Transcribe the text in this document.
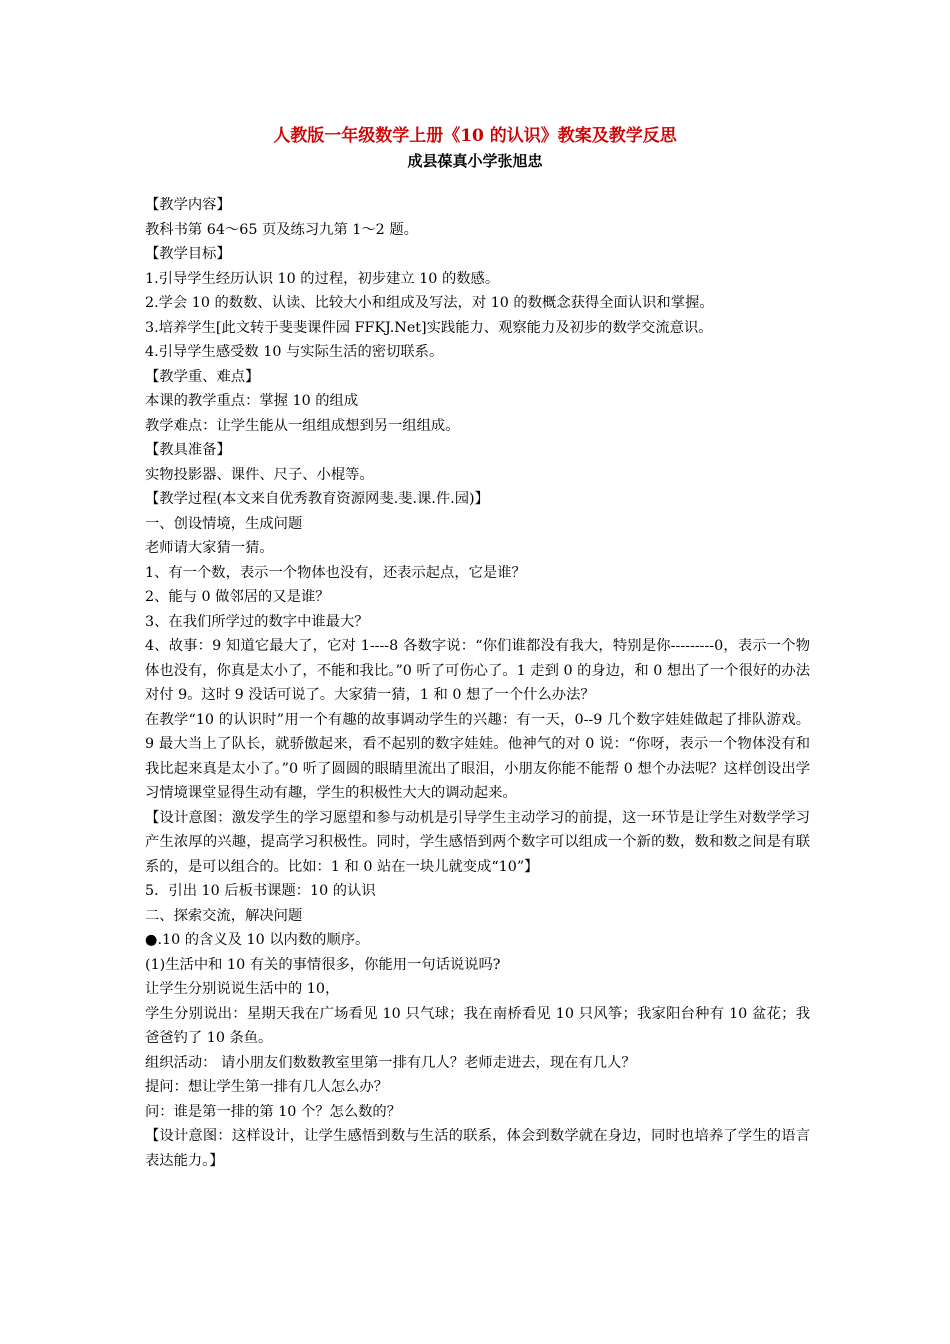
人教版一年级数学上册《10 的认识》教案及教学反思
成县葆真小学张旭忠

【教学内容】

教科书第 64～65 页及练习九第 1～2 题。

【教学目标】

1.引导学生经历认识 10 的过程，初步建立 10 的数感。

2.学会 10 的数数、认读、比较大小和组成及写法，对 10 的数概念获得全面认识和掌握。

3.培养学生[此文转于斐斐课件园 FFKJ.Net]实践能力、观察能力及初步的数学交流意识。

4.引导学生感受数 10 与实际生活的密切联系。

【教学重、难点】

本课的教学重点：掌握 10 的组成

教学难点：让学生能从一组组成想到另一组组成。

【教具准备】

实物投影器、课件、尺子、小棍等。

【教学过程(本文来自优秀教育资源网斐.斐.课.件.园)】

一、创设情境，生成问题

老师请大家猜一猜。

1、有一个数，表示一个物体也没有，还表示起点，它是谁？

2、能与 0 做邻居的又是谁？

3、在我们所学过的数字中谁最大？

4、故事：9 知道它最大了，它对 1----8 各数字说：“你们谁都没有我大，特别是你---------0，表示一个物体也没有，你真是太小了，不能和我比。”0 听了可伤心了。1 走到 0 的身边，和 0 想出了一个很好的办法对付 9。这时 9 没话可说了。大家猜一猜，1 和 0 想了一个什么办法？

在教学“10 的认识时”用一个有趣的故事调动学生的兴趣：有一天，0--9 几个数字娃娃做起了排队游戏。9 最大当上了队长，就骄傲起来，看不起别的数字娃娃。他神气的对 0 说：“你呀，表示一个物体没有和我比起来真是太小了。”0 听了圆圆的眼睛里流出了眼泪，小朋友你能不能帮 0 想个办法呢？这样创设出学习情境课堂显得生动有趣，学生的积极性大大的调动起来。

【设计意图：激发学生的学习愿望和参与动机是引导学生主动学习的前提，这一环节是让学生对数学学习产生浓厚的兴趣，提高学习积极性。同时，学生感悟到两个数字可以组成一个新的数，数和数之间是有联系的，是可以组合的。比如：1 和 0 站在一块儿就变成“10”】

5．引出 10 后板书课题：10 的认识

二、探索交流，解决问题

●.10 的含义及 10 以内数的顺序。

(1)生活中和 10 有关的事情很多，你能用一句话说说吗?

让学生分别说说生活中的 10，

学生分别说出：星期天我在广场看见 10 只气球；我在南桥看见 10 只风筝；我家阳台种有 10 盆花；我爸爸钓了 10 条鱼。

组织活动： 请小朋友们数数教室里第一排有几人？老师走进去，现在有几人？

提问：想让学生第一排有几人怎么办？

问：谁是第一排的第 10 个？怎么数的？

【设计意图：这样设计，让学生感悟到数与生活的联系，体会到数学就在身边，同时也培养了学生的语言表达能力。】
